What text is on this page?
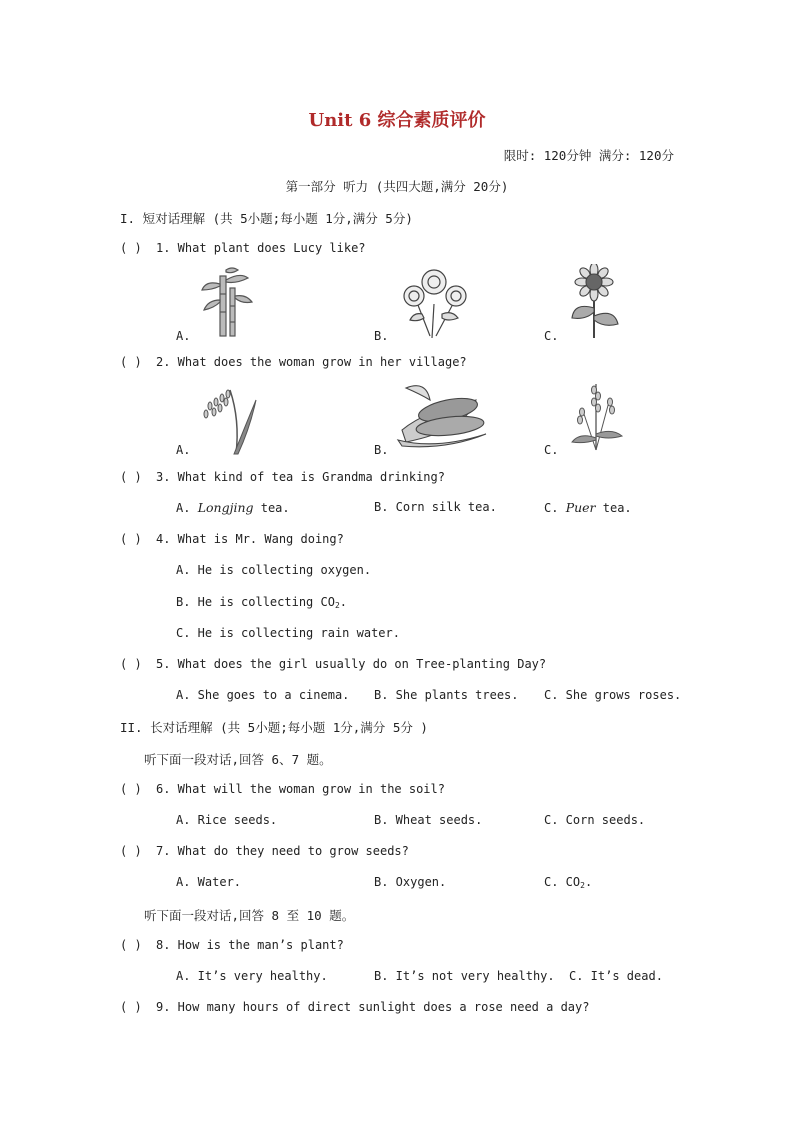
Unit 6 综合素质评价
限时: 120分钟 满分: 120分
第一部分 听力 (共四大题,满分 20分)
I. 短对话理解 (共 5小题;每小题 1分,满分 5分)
( ) 1. What plant does Lucy like?
A.	B.	C.
( ) 2. What does the woman grow in her village?
A.	B.	C.
( ) 3. What kind of tea is Grandma drinking?
A. Longjing tea.	B. Corn silk tea.	C. Puer tea.
( ) 4. What is Mr. Wang doing?
A. He is collecting oxygen.
B. He is collecting $CO_2$.
C. He is collecting rain water.
( ) 5. What does the girl usually do on Tree-planting Day?
A. She goes to a cinema. B. She plants trees. C. She grows roses.
II. 长对话理解 (共 5小题;每小题 1分,满分 5分 )
听下面一段对话,回答 6、7 题。
( ) 6. What will the woman grow in the soil?
A. Rice seeds.	B. Wheat seeds.	C. Corn seeds.
( ) 7. What do they need to grow seeds?
A. Water.	B. Oxygen.	C. $CO_2$.
听下面一段对话,回答 8 至 10 题。
( ) 8. How is the man’s plant?
A. It’s very healthy.	B. It’s not very healthy. C. It’s dead.
( ) 9. How many hours of direct sunlight does a rose need a day?
